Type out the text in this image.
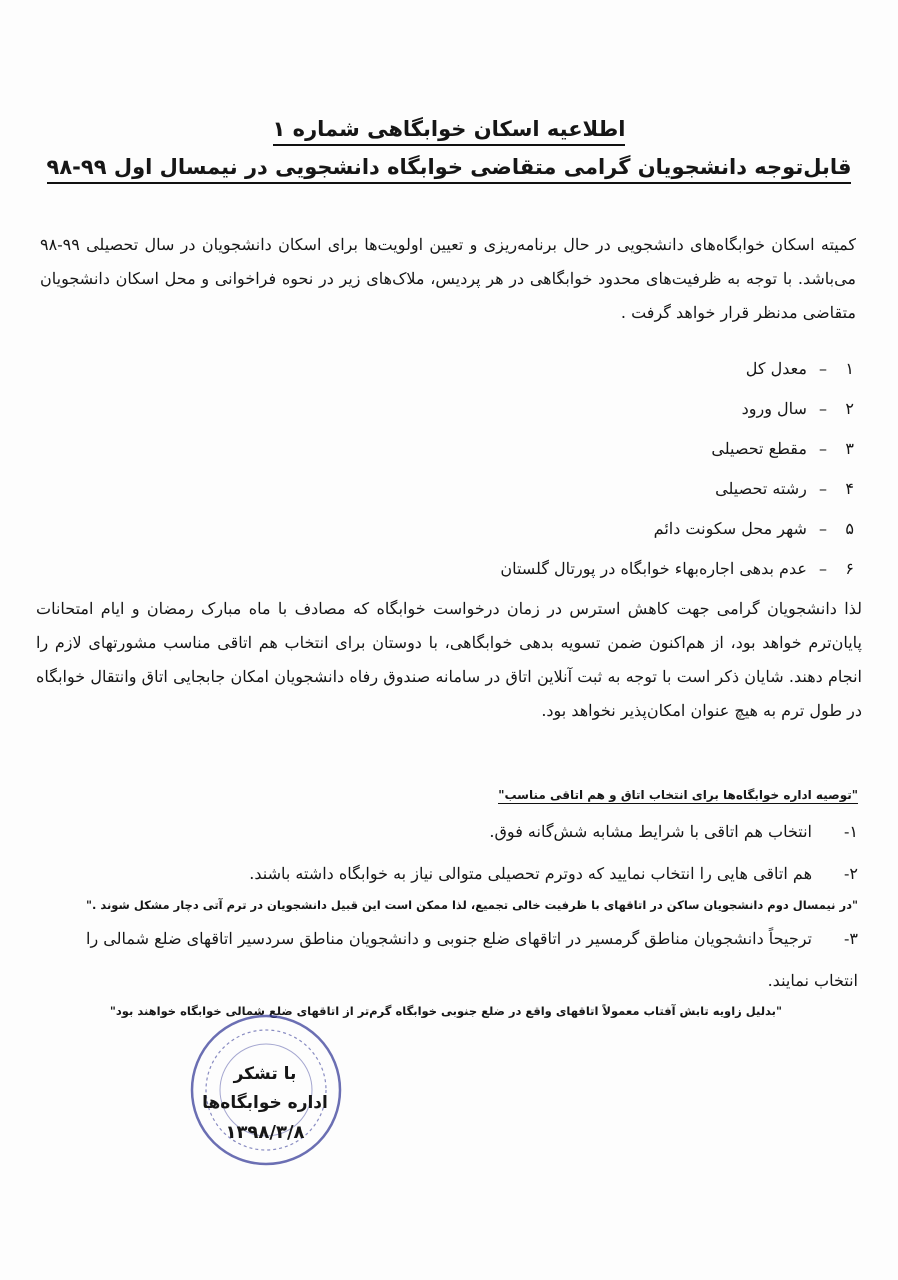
اطلاعیه اسکان خوابگاهی شماره ۱
قابل‌توجه دانشجویان گرامی متقاضی خوابگاه دانشجویی در نیمسال اول ۹۹-۹۸
کمیته اسکان خوابگاه‌های دانشجویی در حال برنامه‌ریزی و تعیین اولویت‌ها برای اسکان دانشجویان در سال تحصیلی ۹۹-۹۸ می‌باشد. با توجه به ظرفیت‌های محدود خوابگاهی در هر پردیس، ملاک‌های زیر در نحوه فراخوانی و محل اسکان دانشجویان متقاضی مدنظر قرار خواهد گرفت .
۱– معدل کل
۲– سال ورود
۳– مقطع تحصیلی
۴– رشته تحصیلی
۵– شهر محل سکونت دائم
۶– عدم بدهی اجاره‌بهاء خوابگاه در پورتال گلستان
لذا دانشجویان گرامی جهت کاهش استرس در زمان درخواست خوابگاه که مصادف با ماه مبارک رمضان و ایام امتحانات پایان‌ترم خواهد بود، از هم‌اکنون ضمن تسویه بدهی خوابگاهی، با دوستان برای انتخاب هم اتاقی مناسب مشورتهای لازم را انجام دهند. شایان ذکر است با توجه به ثبت آنلاین اتاق در سامانه صندوق رفاه دانشجویان امکان جابجایی اتاق وانتقال خوابگاه در طول ترم به هیچ عنوان امکان‌پذیر نخواهد بود.
"توصیه اداره خوابگاه‌ها برای انتخاب اتاق و هم اتاقی مناسب"
۱-انتخاب هم اتاقی با شرایط مشابه شش‌گانه فوق.
۲-هم اتاقی هایی را انتخاب نمایید که دوترم تحصیلی متوالی نیاز به خوابگاه داشته باشند.
"در نیمسال دوم دانشجویان ساکن در اتاقهای با ظرفیت خالی تجمیع، لذا ممکن است این قبیل دانشجویان در ترم آتی دچار مشکل شوند ."
۳-ترجیحاً دانشجویان مناطق گرمسیر در اتاقهای ضلع جنوبی و دانشجویان مناطق سردسیر اتاقهای ضلع شمالی را
انتخاب نمایند.
"بدلیل زاویه تابش آفتاب معمولاً اتاقهای واقع در ضلع جنوبی خوابگاه گرم‌تر از اتاقهای ضلع شمالی خوابگاه خواهند بود"
با تشکر
اداره خوابگاه‌ها
۱۳۹۸/۳/۸
